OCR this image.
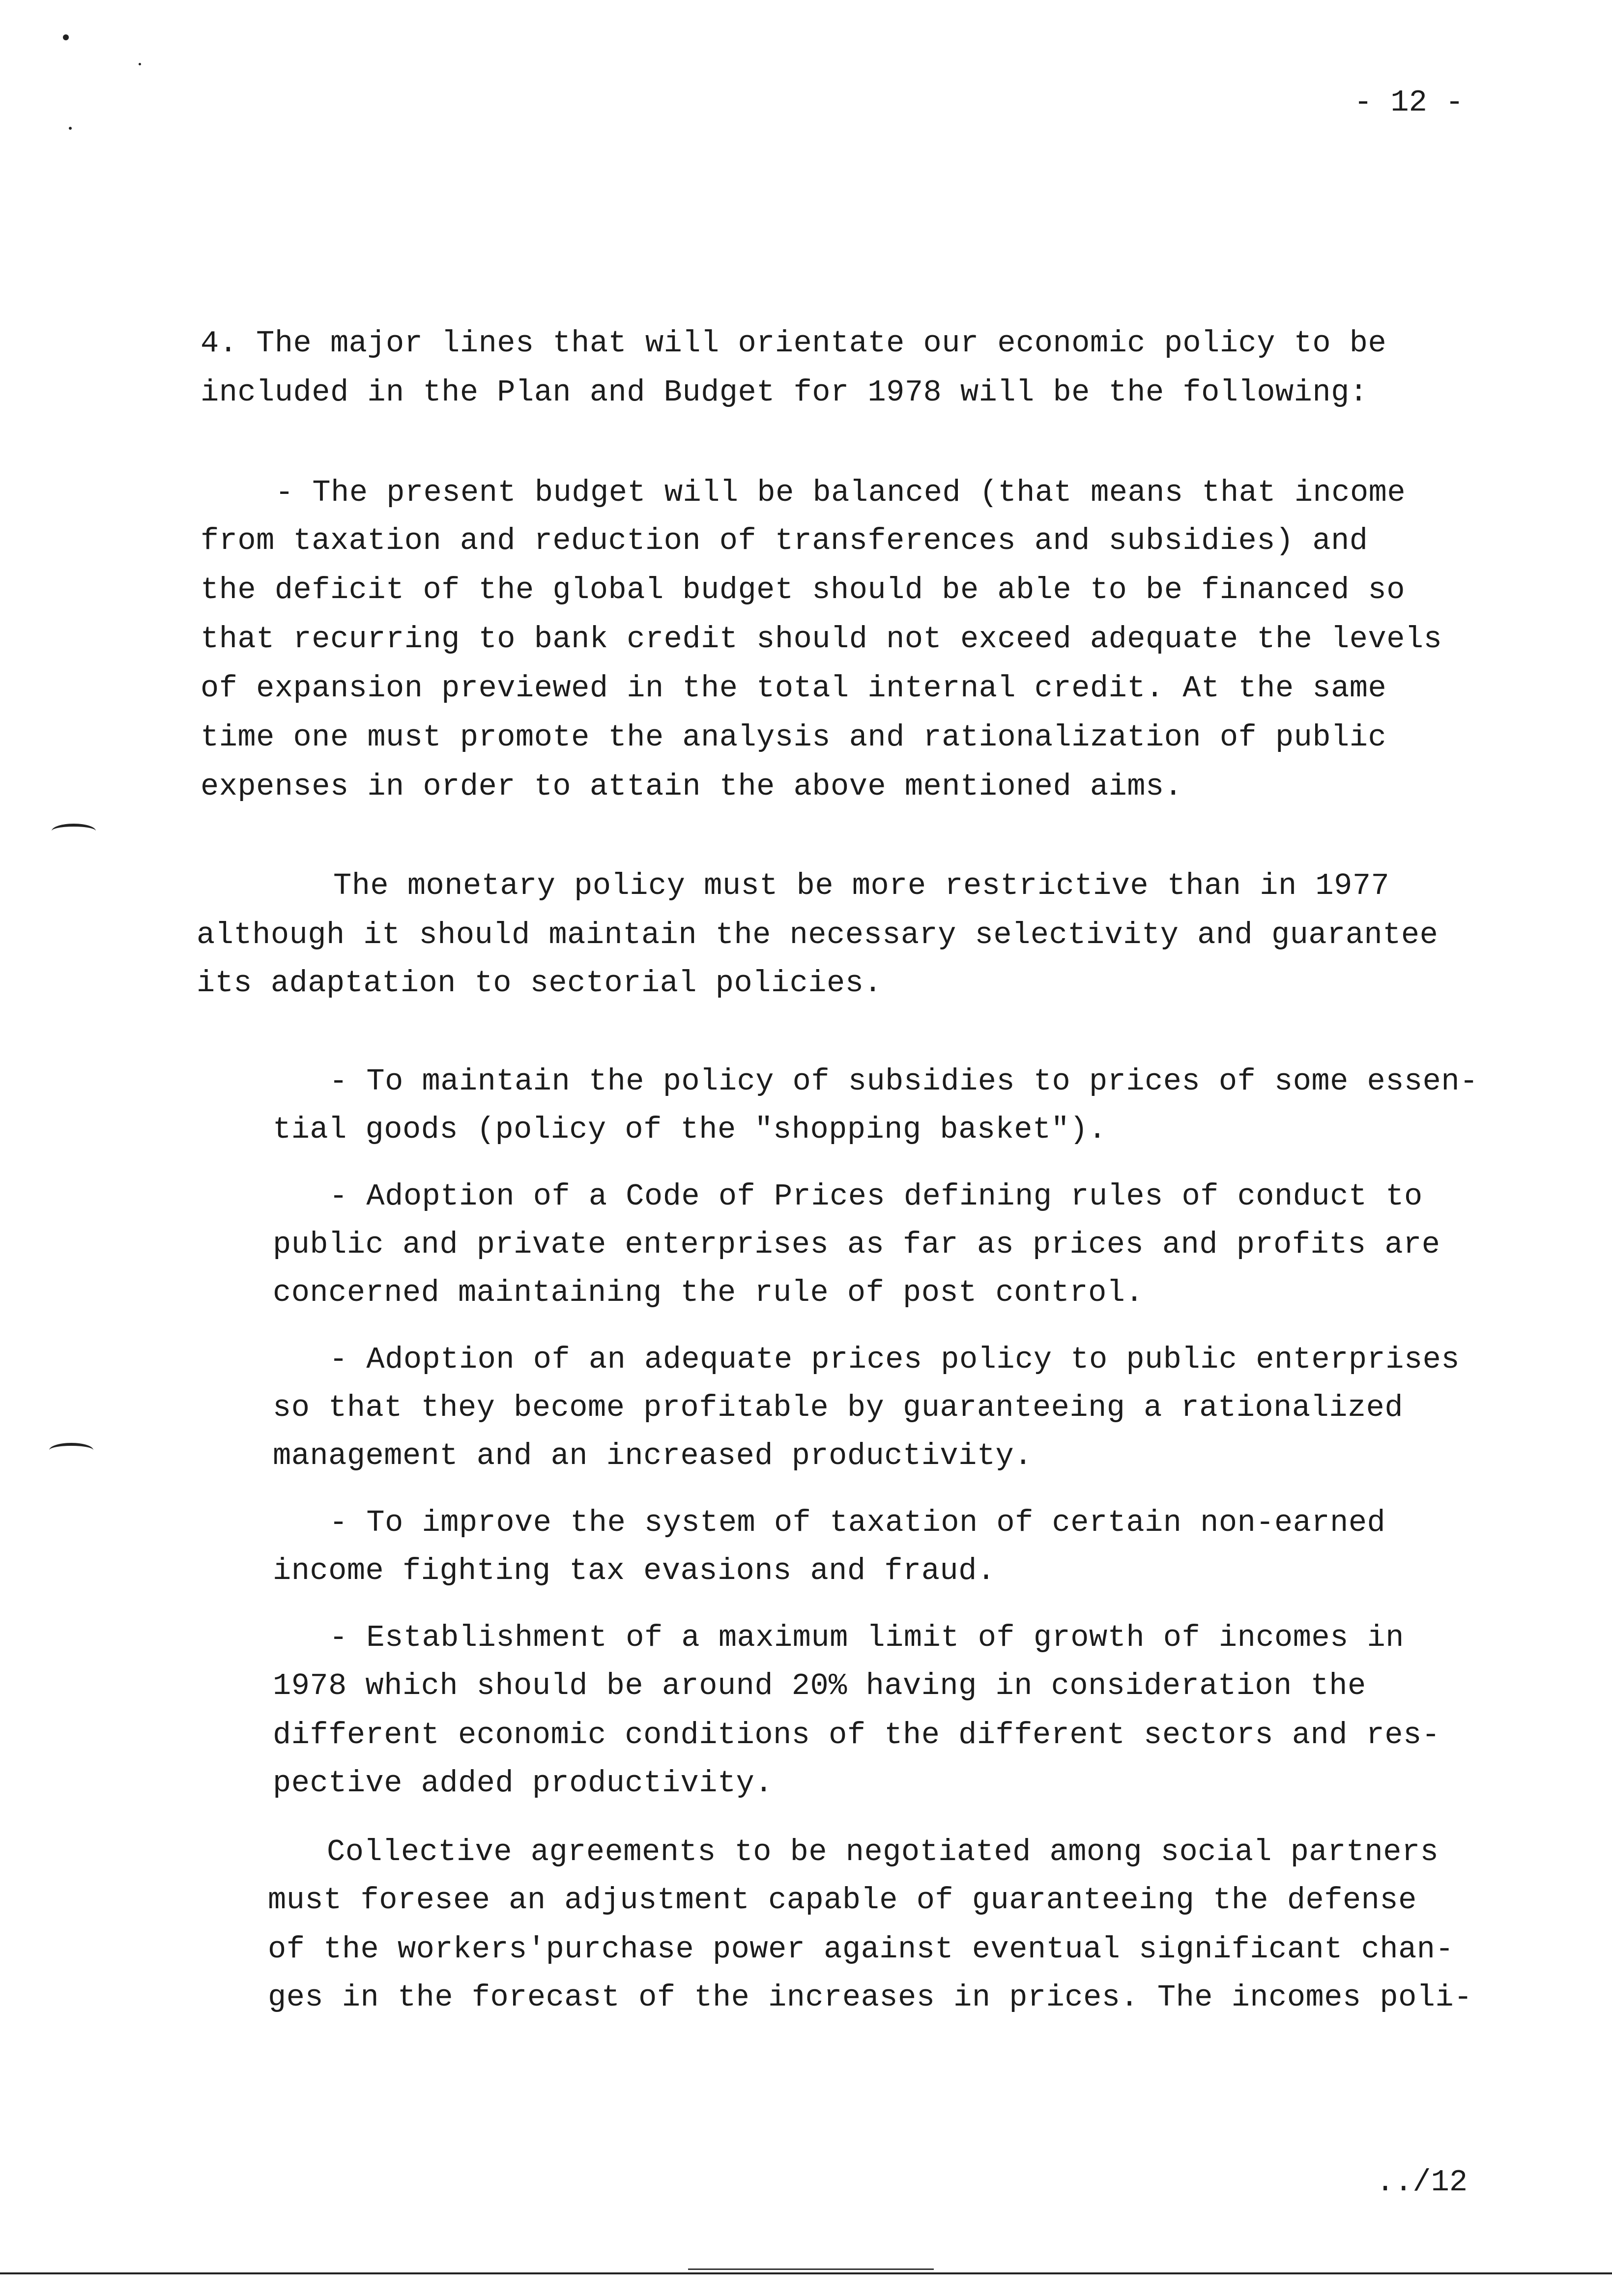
- 12 -
4. The major lines that will orientate our economic policy to be
included in the Plan and Budget for 1978 will be the following:
- The present budget will be balanced (that means that income
from taxation and reduction of transferences and subsidies) and
the deficit of the global budget should be able to be financed so
that recurring to bank credit should not exceed adequate the levels
of expansion previewed in the total internal credit. At the same
time one must promote the analysis and rationalization of public
expenses in order to attain the above mentioned aims.
The monetary policy must be more restrictive than in 1977
although it should maintain the necessary selectivity and guarantee
its adaptation to sectorial policies.
- To maintain the policy of subsidies to prices of some essen-
tial goods (policy of the "shopping basket").
- Adoption of a Code of Prices defining rules of conduct to
public and private enterprises as far as prices and profits are
concerned maintaining the rule of post control.
- Adoption of an adequate prices policy to public enterprises
so that they become profitable by guaranteeing a rationalized
management and an increased productivity.
- To improve the system of taxation of certain non-earned
income fighting tax evasions and fraud.
- Establishment of a maximum limit of growth of incomes in
1978 which should be around 20% having in consideration the
different economic conditions of the different sectors and res-
pective added productivity.
Collective agreements to be negotiated among social partners
must foresee an adjustment capable of guaranteeing the defense
of the workers'purchase power against eventual significant chan-
ges in the forecast of the increases in prices. The incomes poli-
../12
